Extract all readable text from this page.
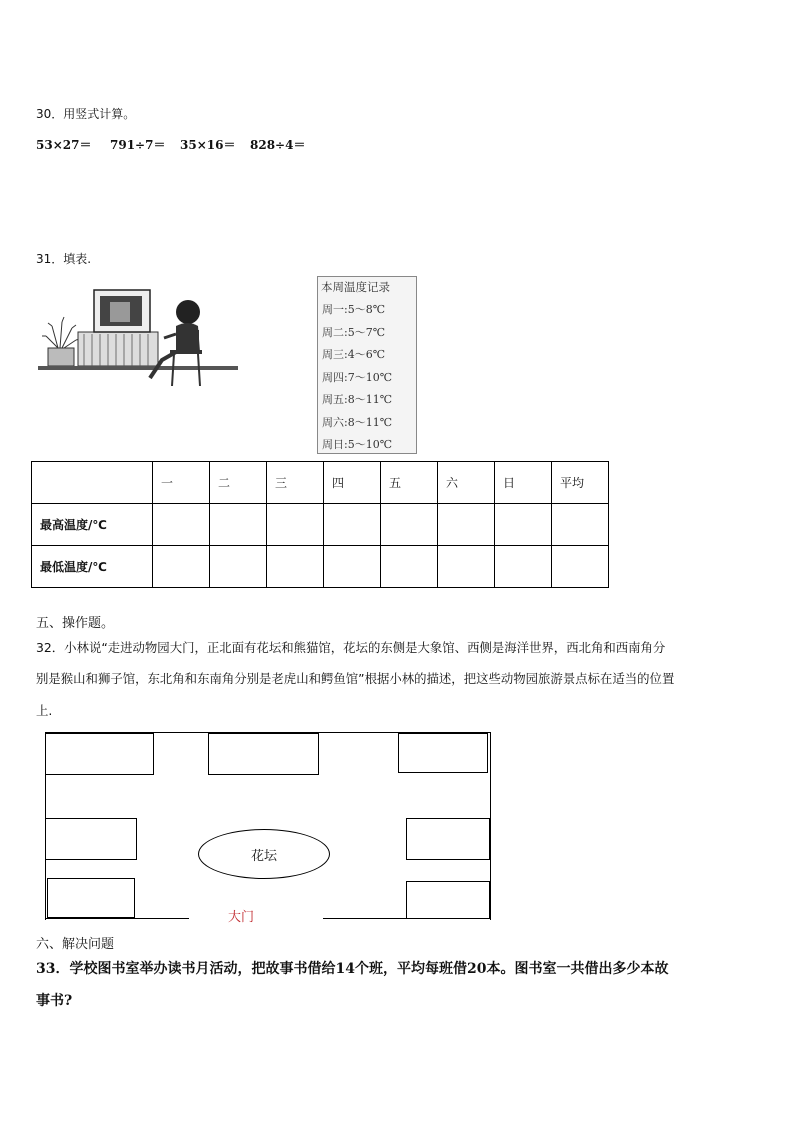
30．用竖式计算。
53×27＝ 791÷7＝ 35×16＝ 828÷4＝
31．填表.
本周温度记录
周一:5～8℃
周二:5～7℃
周三:4～6℃
周四:7～10℃
周五:8～11℃
周六:8～11℃
周日:5～10℃
	一	二	三	四	五	六	日	平均
最高温度/℃								
最低温度/℃								
五、操作题。
32．小林说“走进动物园大门，正北面有花坛和熊猫馆，花坛的东侧是大象馆、西侧是海洋世界，西北角和西南角分
别是猴山和狮子馆，东北角和东南角分别是老虎山和鳄鱼馆”根据小林的描述，把这些动物园旅游景点标在适当的位置
上.
花坛
大门
六、解决问题
33．学校图书室举办读书月活动，把故事书借给14个班，平均每班借20本。图书室一共借出多少本故
事书?
